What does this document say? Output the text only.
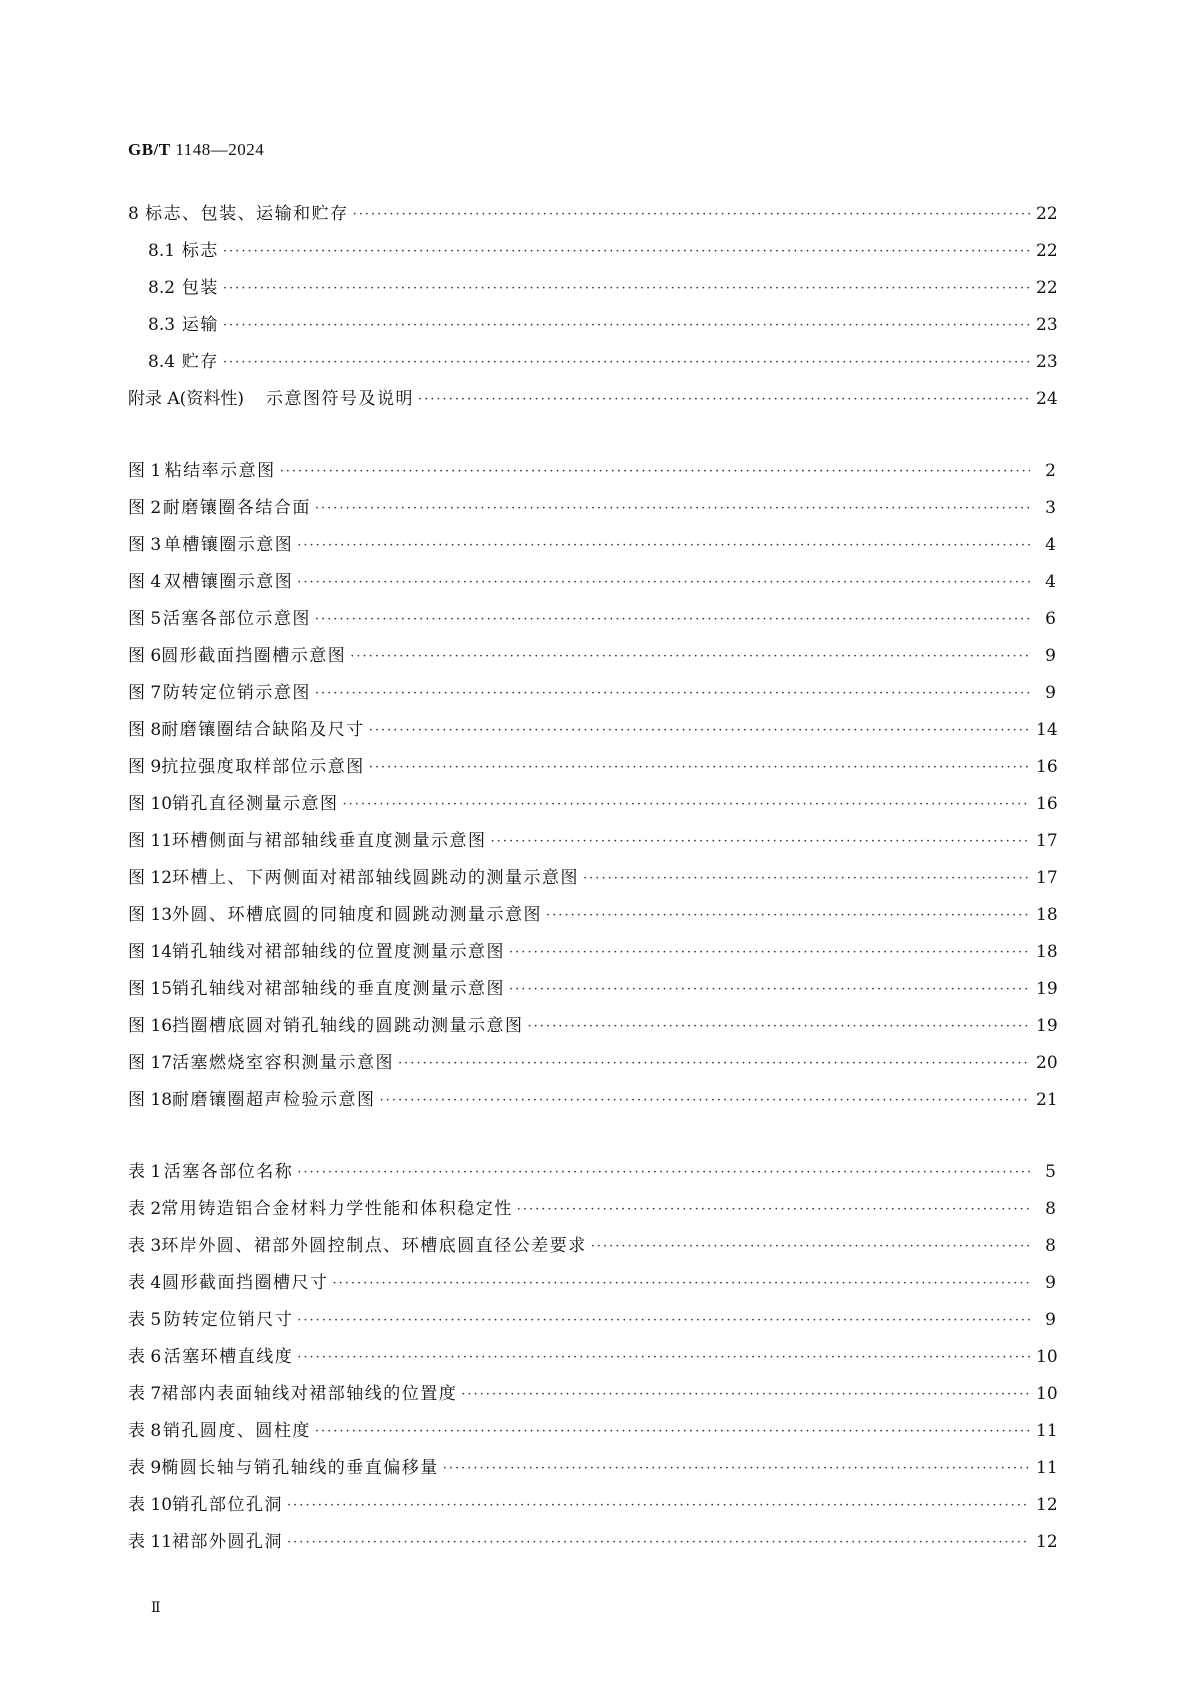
GB/T 1148—2024
8 标志、包装、运输和贮存 ·····	22
8.1 标志 ·····	22
8.2 包装 ·····	22
8.3 运输 ·····	23
8.4 贮存 ·····	23
附录 A(资料性) 示意图符号及说明 ·····	24
图 1 粘结率示意图 ·····	2
图 2 耐磨镶圈各结合面 ·····	3
图 3 单槽镶圈示意图 ·····	4
图 4 双槽镶圈示意图 ·····	4
图 5 活塞各部位示意图 ·····	6
图 6 圆形截面挡圈槽示意图 ·····	9
图 7 防转定位销示意图 ·····	9
图 8 耐磨镶圈结合缺陷及尺寸 ·····	14
图 9 抗拉强度取样部位示意图 ·····	16
图 10 销孔直径测量示意图 ·····	16
图 11 环槽侧面与裙部轴线垂直度测量示意图 ·····	17
图 12 环槽上、下两侧面对裙部轴线圆跳动的测量示意图 ·····	17
图 13 外圆、环槽底圆的同轴度和圆跳动测量示意图 ·····	18
图 14 销孔轴线对裙部轴线的位置度测量示意图 ·····	18
图 15 销孔轴线对裙部轴线的垂直度测量示意图 ·····	19
图 16 挡圈槽底圆对销孔轴线的圆跳动测量示意图 ·····	19
图 17 活塞燃烧室容积测量示意图 ·····	20
图 18 耐磨镶圈超声检验示意图 ·····	21
表 1 活塞各部位名称 ·····	5
表 2 常用铸造铝合金材料力学性能和体积稳定性 ·····	8
表 3 环岸外圆、裙部外圆控制点、环槽底圆直径公差要求 ·····	8
表 4 圆形截面挡圈槽尺寸 ·····	9
表 5 防转定位销尺寸 ·····	9
表 6 活塞环槽直线度 ·····	10
表 7 裙部内表面轴线对裙部轴线的位置度 ·····	10
表 8 销孔圆度、圆柱度 ·····	11
表 9 椭圆长轴与销孔轴线的垂直偏移量 ·····	11
表 10 销孔部位孔洞 ·····	12
表 11 裙部外圆孔洞 ·····	12
Ⅱ
